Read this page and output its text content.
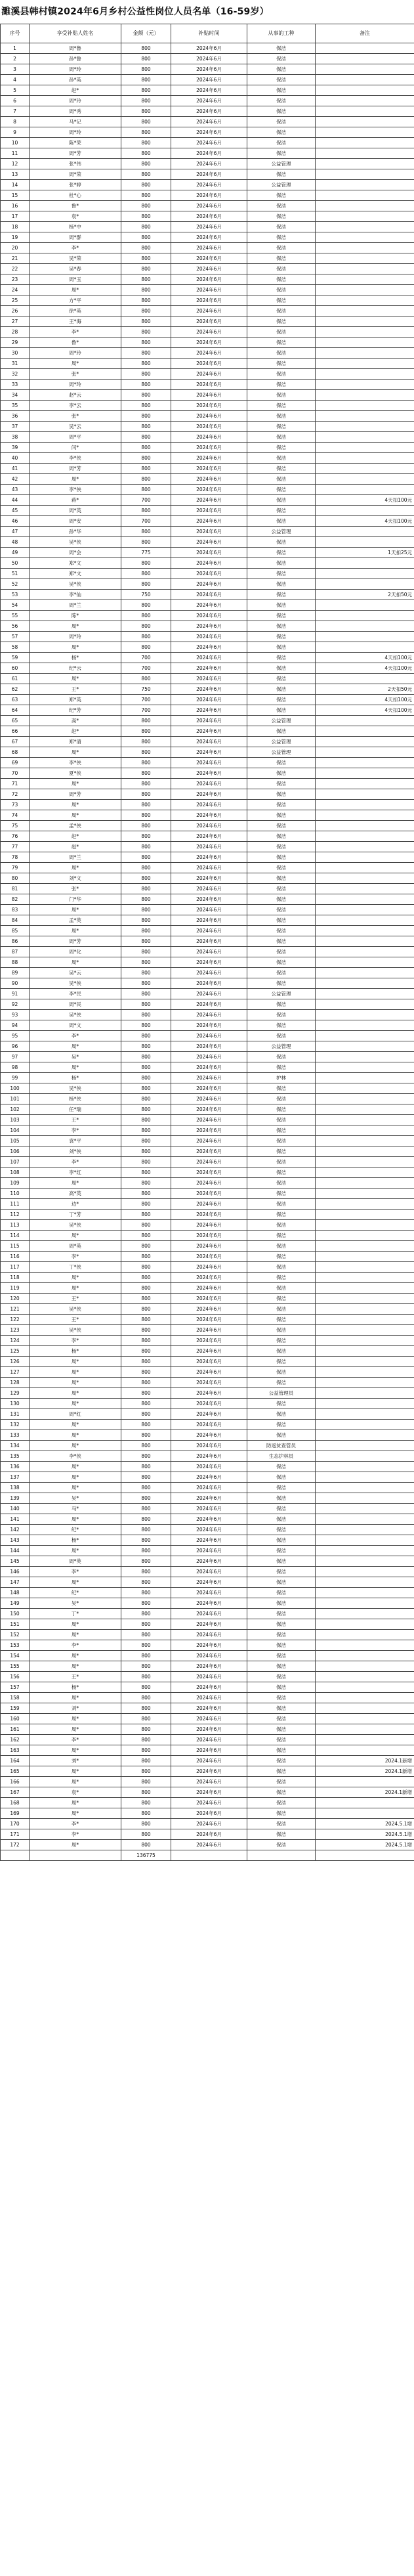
濉溪县韩村镇2024年6月乡村公益性岗位人员名单（16-59岁）
序号	享受补贴人姓名	金额（元）	补贴时间	从事的工种	备注
1	周*鲁	800	2024年6月	保洁	
2	孙*鲁	800	2024年6月	保洁	
3	周*玲	800	2024年6月	保洁	
4	孙*英	800	2024年6月	保洁	
5	赵*	800	2024年6月	保洁	
6	周*玲	800	2024年6月	保洁	
7	周*秀	800	2024年6月	保洁	
8	马*记	800	2024年6月	保洁	
9	周*玲	800	2024年6月	保洁	
10	陈*荣	800	2024年6月	保洁	
11	周*芳	800	2024年6月	保洁	
12	张*伟	800	2024年6月	公益管理	
13	周*荣	800	2024年6月	保洁	
14	张*婷	800	2024年6月	公益管理	
15	杜*心	800	2024年6月	保洁	
16	鲁*	800	2024年6月	保洁	
17	袁*	800	2024年6月	保洁	
18	杨*中	800	2024年6月	保洁	
19	周*群	800	2024年6月	保洁	
20	李*	800	2024年6月	保洁	
21	吴*荣	800	2024年6月	保洁	
22	吴*春	800	2024年6月	保洁	
23	周*玉	800	2024年6月	保洁	
24	周*	800	2024年6月	保洁	
25	方*平	800	2024年6月	保洁	
26	徐*英	800	2024年6月	保洁	
27	王*海	800	2024年6月	保洁	
28	李*	800	2024年6月	保洁	
29	鲁*	800	2024年6月	保洁	
30	周*玲	800	2024年6月	保洁	
31	周*	800	2024年6月	保洁	
32	张*	800	2024年6月	保洁	
33	周*玲	800	2024年6月	保洁	
34	赵*云	800	2024年6月	保洁	
35	李*云	800	2024年6月	保洁	
36	张*	800	2024年6月	保洁	
37	吴*云	800	2024年6月	保洁	
38	周*平	800	2024年6月	保洁	
39	闫*	800	2024年6月	保洁	
40	李*侠	800	2024年6月	保洁	
41	周*芳	800	2024年6月	保洁	
42	周*	800	2024年6月	保洁	
43	李*侠	800	2024年6月	保洁	
44	蒋*	700	2024年6月	保洁	4天扣100元
45	周*英	800	2024年6月	保洁	
46	周*安	700	2024年6月	保洁	4天扣100元
47	孙*华	800	2024年6月	公益管理	
48	吴*侠	800	2024年6月	保洁	
49	周*会	775	2024年6月	保洁	1天扣25元
50	郑*文	800	2024年6月	保洁	
51	郑*文	800	2024年6月	保洁	
52	吴*侠	800	2024年6月	保洁	
53	李*仙	750	2024年6月	保洁	2天扣50元
54	周*兰	800	2024年6月	保洁	
55	陈*	800	2024年6月	保洁	
56	周*	800	2024年6月	保洁	
57	周*玲	800	2024年6月	保洁	
58	周*	800	2024年6月	保洁	
59	杨*	700	2024年6月	保洁	4天扣100元
60	纪*云	700	2024年6月	保洁	4天扣100元
61	周*	800	2024年6月	保洁	
62	王*	750	2024年6月	保洁	2天扣50元
63	郑*英	700	2024年6月	保洁	4天扣100元
64	纪*芳	700	2024年6月	保洁	4天扣100元
65	高*	800	2024年6月	公益管理	
66	赵*	800	2024年6月	保洁	
67	郑*清	800	2024年6月	公益管理	
68	周*	800	2024年6月	公益管理	
69	李*侠	800	2024年6月	保洁	
70	夏*侠	800	2024年6月	保洁	
71	周*	800	2024年6月	保洁	
72	周*芳	800	2024年6月	保洁	
73	周*	800	2024年6月	保洁	
74	周*	800	2024年6月	保洁	
75	孟*侠	800	2024年6月	保洁	
76	赵*	800	2024年6月	保洁	
77	赵*	800	2024年6月	保洁	
78	周*兰	800	2024年6月	保洁	
79	周*	800	2024年6月	保洁	
80	刘*文	800	2024年6月	保洁	
81	张*	800	2024年6月	保洁	
82	门*华	800	2024年6月	保洁	
83	周*	800	2024年6月	保洁	
84	孟*英	800	2024年6月	保洁	
85	周*	800	2024年6月	保洁	
86	周*芳	800	2024年6月	保洁	
87	周*化	800	2024年6月	保洁	
88	周*	800	2024年6月	保洁	
89	吴*云	800	2024年6月	保洁	
90	吴*侠	800	2024年6月	保洁	
91	李*民	800	2024年6月	公益管理	
92	周*民	800	2024年6月	保洁	
93	吴*侠	800	2024年6月	保洁	
94	周*文	800	2024年6月	保洁	
95	李*	800	2024年6月	保洁	
96	周*	800	2024年6月	公益管理	
97	吴*	800	2024年6月	保洁	
98	周*	800	2024年6月	保洁	
99	杨*	800	2024年6月	护林	
100	吴*侠	800	2024年6月	保洁	
101	杨*侠	800	2024年6月	保洁	
102	任*瑞	800	2024年6月	保洁	
103	王*	800	2024年6月	保洁	
104	李*	800	2024年6月	保洁	
105	袁*平	800	2024年6月	保洁	
106	刘*侠	800	2024年6月	保洁	
107	李*	800	2024年6月	保洁	
108	李*红	800	2024年6月	保洁	
109	周*	800	2024年6月	保洁	
110	高*英	800	2024年6月	保洁	
111	边*	800	2024年6月	保洁	
112	丁*芳	800	2024年6月	保洁	
113	吴*侠	800	2024年6月	保洁	
114	周*	800	2024年6月	保洁	
115	周*英	800	2024年6月	保洁	
116	李*	800	2024年6月	保洁	
117	丁*侠	800	2024年6月	保洁	
118	周*	800	2024年6月	保洁	
119	周*	800	2024年6月	保洁	
120	王*	800	2024年6月	保洁	
121	吴*侠	800	2024年6月	保洁	
122	王*	800	2024年6月	保洁	
123	吴*侠	800	2024年6月	保洁	
124	李*	800	2024年6月	保洁	
125	杨*	800	2024年6月	保洁	
126	周*	800	2024年6月	保洁	
127	周*	800	2024年6月	保洁	
128	周*	800	2024年6月	保洁	
129	周*	800	2024年6月	公益管理员	
130	周*	800	2024年6月	保洁	
131	周*红	800	2024年6月	保洁	
132	周*	800	2024年6月	保洁	
133	周*	800	2024年6月	保洁	
134	周*	800	2024年6月	防返贫查管员	
135	李*侠	800	2024年6月	生态护林员	
136	周*	800	2024年6月	保洁	
137	周*	800	2024年6月	保洁	
138	周*	800	2024年6月	保洁	
139	吴*	800	2024年6月	保洁	
140	马*	800	2024年6月	保洁	
141	周*	800	2024年6月	保洁	
142	纪*	800	2024年6月	保洁	
143	杨*	800	2024年6月	保洁	
144	周*	800	2024年6月	保洁	
145	周*英	800	2024年6月	保洁	
146	李*	800	2024年6月	保洁	
147	周*	800	2024年6月	保洁	
148	纪*	800	2024年6月	保洁	
149	吴*	800	2024年6月	保洁	
150	丁*	800	2024年6月	保洁	
151	周*	800	2024年6月	保洁	
152	周*	800	2024年6月	保洁	
153	李*	800	2024年6月	保洁	
154	周*	800	2024年6月	保洁	
155	周*	800	2024年6月	保洁	
156	王*	800	2024年6月	保洁	
157	杨*	800	2024年6月	保洁	
158	周*	800	2024年6月	保洁	
159	刘*	800	2024年6月	保洁	
160	周*	800	2024年6月	保洁	
161	周*	800	2024年6月	保洁	
162	李*	800	2024年6月	保洁	
163	周*	800	2024年6月	保洁	
164	刘*	800	2024年6月	保洁	2024.1新增
165	周*	800	2024年6月	保洁	2024.1新增
166	周*	800	2024年6月	保洁	
167	袁*	800	2024年6月	保洁	2024.1新增
168	周*	800	2024年6月	保洁	
169	周*	800	2024年6月	保洁	
170	李*	800	2024年6月	保洁	2024.5.1增
171	李*	800	2024年6月	保洁	2024.5.1增
172	周*	800	2024年6月	保洁	2024.5.1增
		136775			
